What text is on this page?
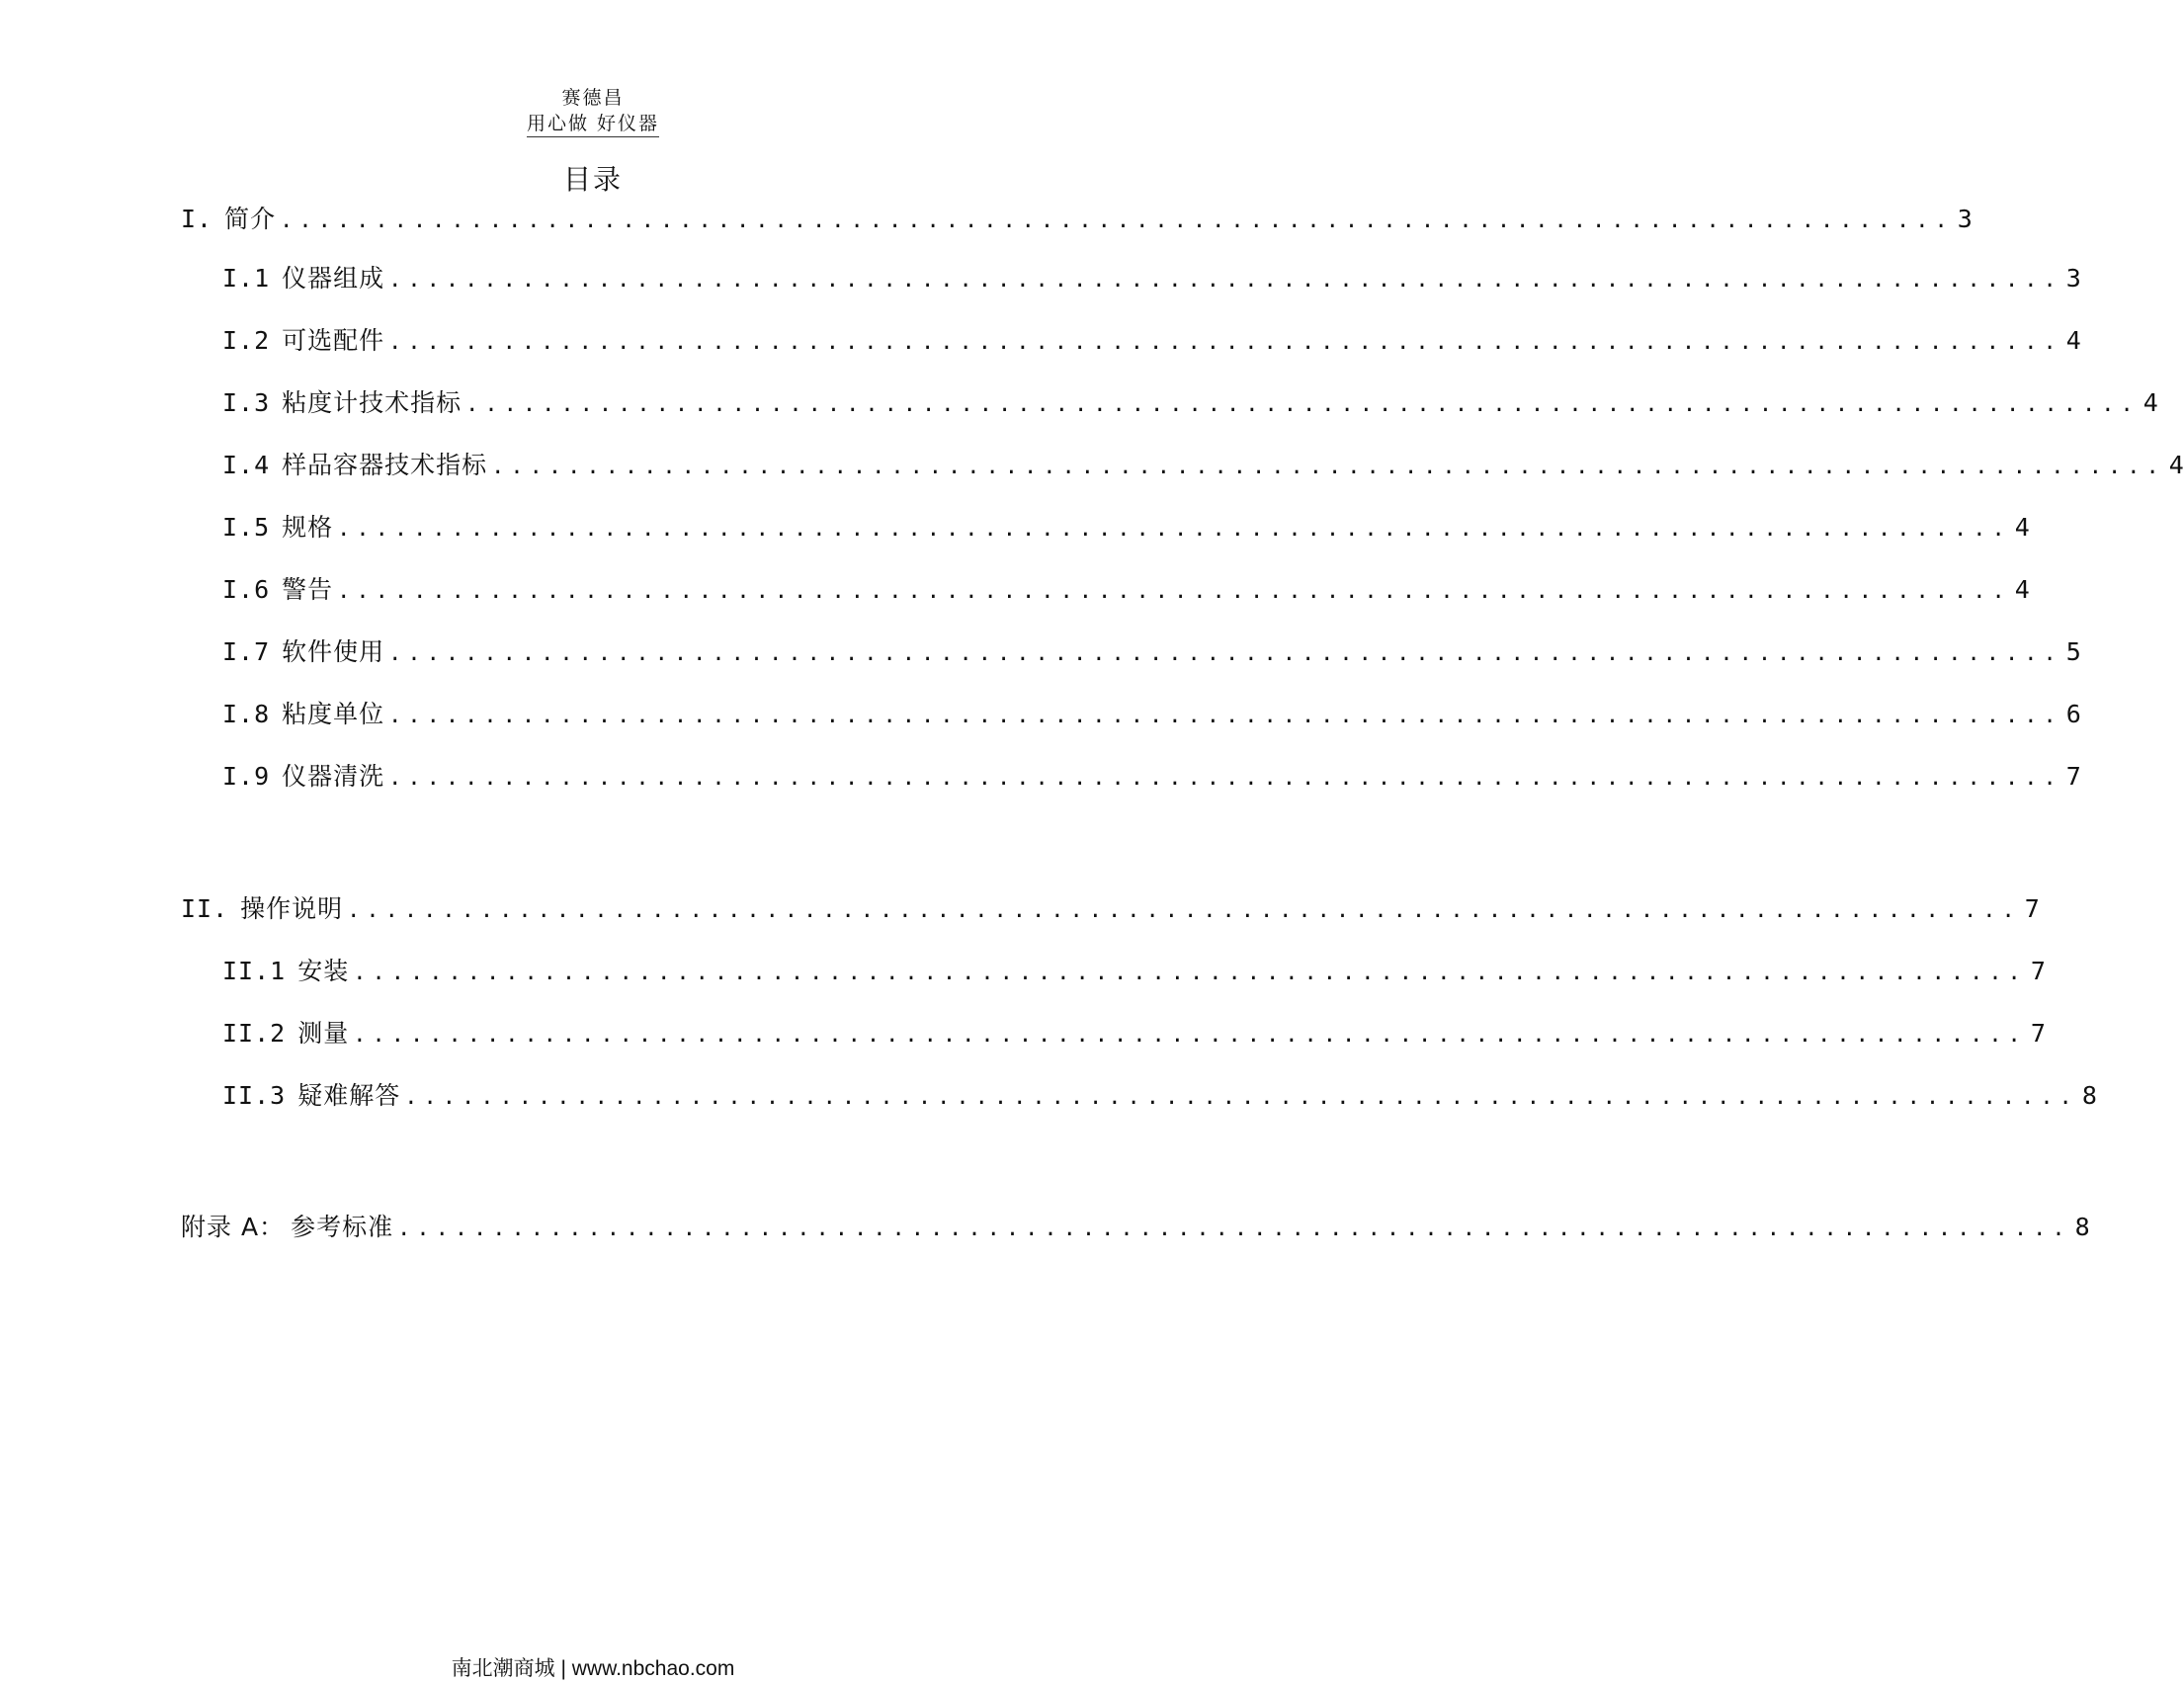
赛德昌
用心做 好仪器
目录
I. 简介 ........................................................................................ 3
I.1 仪器组成 ........................................................................................ 3
I.2 可选配件 ........................................................................................ 4
I.3 粘度计技术指标 ........................................................................................ 4
I.4 样品容器技术指标 ........................................................................................ 4
I.5 规格 ........................................................................................ 4
I.6 警告 ........................................................................................ 4
I.7 软件使用 ........................................................................................ 5
I.8 粘度单位 ........................................................................................ 6
I.9 仪器清洗 ........................................................................................ 7
II. 操作说明 ........................................................................................ 7
II.1 安装 ........................................................................................ 7
II.2 测量 ........................................................................................ 7
II.3 疑难解答 ........................................................................................ 8
附录 A： 参考标准 ........................................................................................ 8
南北潮商城 | www.nbchao.com
